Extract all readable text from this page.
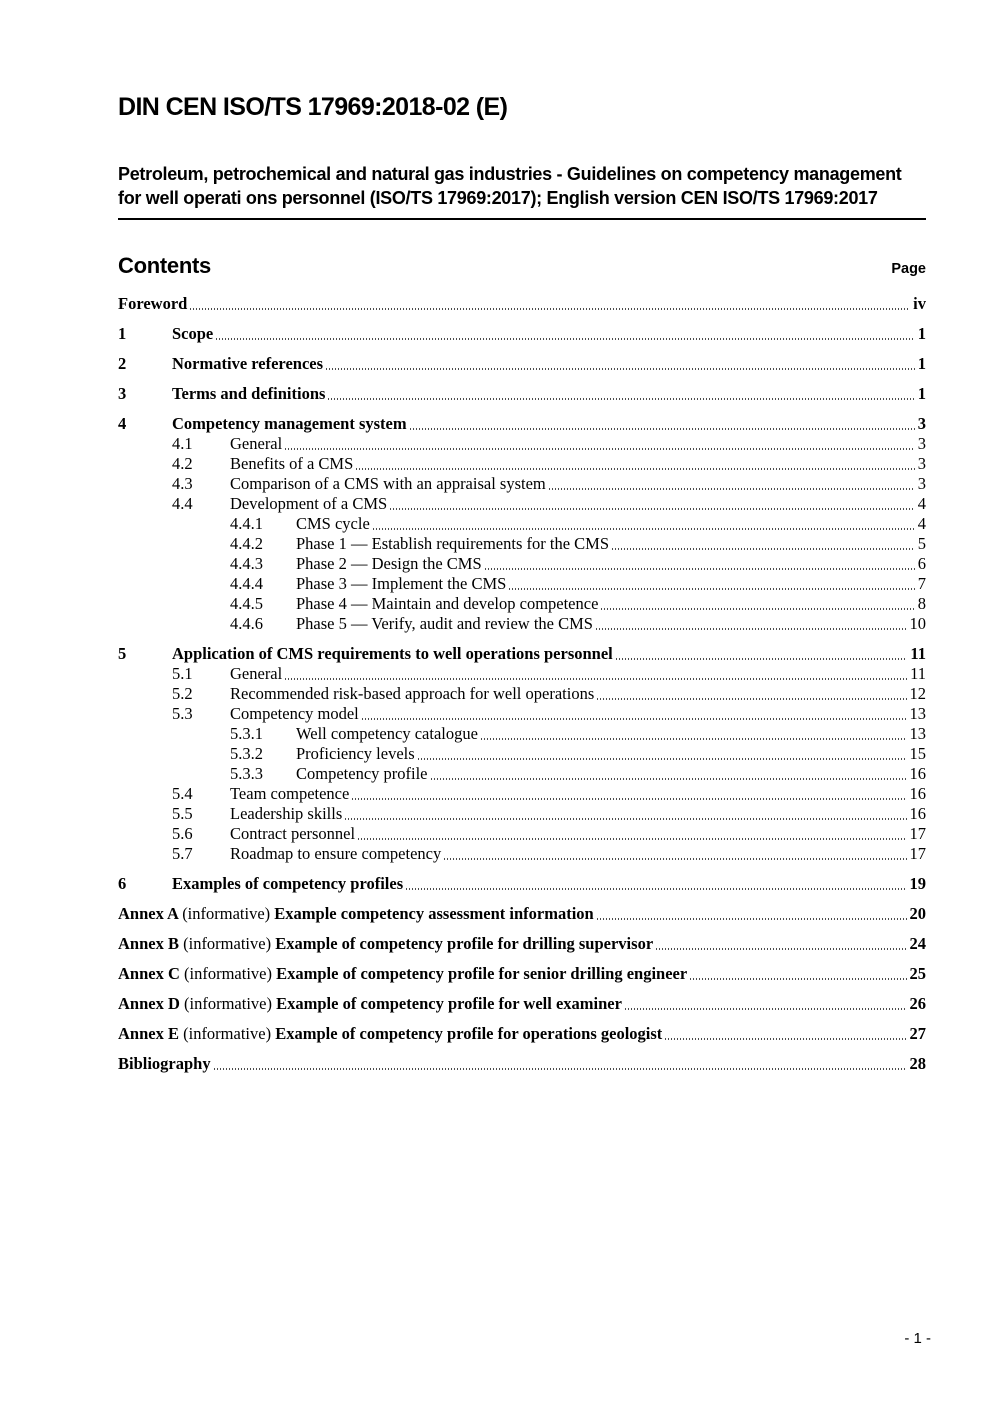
DIN CEN ISO/TS 17969:2018-02 (E)
Petroleum, petrochemical and natural gas industries - Guidelines on competency management for well operati ons personnel (ISO/TS 17969:2017); English version CEN ISO/TS 17969:2017
Contents	Page
Foreword	iv
1	Scope	1
2	Normative references	1
3	Terms and definitions	1
4	Competency management system	3
4.1	General	3
4.2	Benefits of a CMS	3
4.3	Comparison of a CMS with an appraisal system	3
4.4	Development of a CMS	4
4.4.1	CMS cycle	4
4.4.2	Phase 1 — Establish requirements for the CMS	5
4.4.3	Phase 2 — Design the CMS	6
4.4.4	Phase 3 — Implement the CMS	7
4.4.5	Phase 4 — Maintain and develop competence	8
4.4.6	Phase 5 — Verify, audit and review the CMS	10
5	Application of CMS requirements to well operations personnel	11
5.1	General	11
5.2	Recommended risk-based approach for well operations	12
5.3	Competency model	13
5.3.1	Well competency catalogue	13
5.3.2	Proficiency levels	15
5.3.3	Competency profile	16
5.4	Team competence	16
5.5	Leadership skills	16
5.6	Contract personnel	17
5.7	Roadmap to ensure competency	17
6	Examples of competency profiles	19
Annex A (informative) Example competency assessment information	20
Annex B (informative) Example of competency profile for drilling supervisor	24
Annex C (informative) Example of competency profile for senior drilling engineer	25
Annex D (informative) Example of competency profile for well examiner	26
Annex E (informative) Example of competency profile for operations geologist	27
Bibliography	28
- 1 -
